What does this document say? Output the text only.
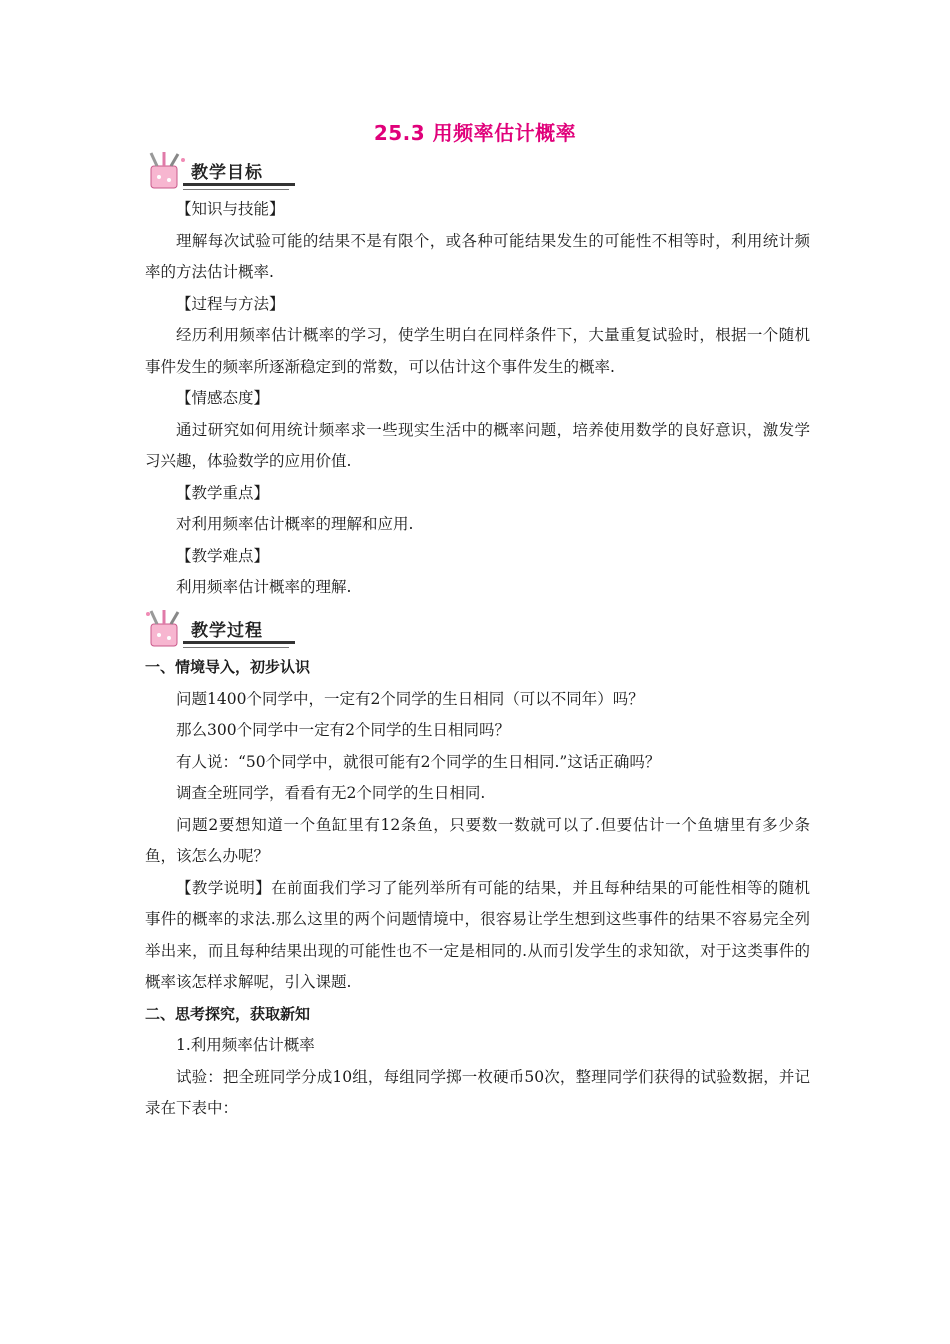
25.3 用频率估计概率
教学目标

【知识与技能】

理解每次试验可能的结果不是有限个，或各种可能结果发生的可能性不相等时，利用统计频率的方法估计概率.

【过程与方法】

经历利用频率估计概率的学习，使学生明白在同样条件下，大量重复试验时，根据一个随机事件发生的频率所逐渐稳定到的常数，可以估计这个事件发生的概率.

【情感态度】

通过研究如何用统计频率求一些现实生活中的概率问题，培养使用数学的良好意识，激发学习兴趣，体验数学的应用价值.

【教学重点】

对利用频率估计概率的理解和应用.

【教学难点】

利用频率估计概率的理解.

教学过程

一、情境导入，初步认识

问题1400个同学中，一定有2个同学的生日相同（可以不同年）吗？

那么300个同学中一定有2个同学的生日相同吗？

有人说：“50个同学中，就很可能有2个同学的生日相同.”这话正确吗？

调查全班同学，看看有无2个同学的生日相同.

问题2要想知道一个鱼缸里有12条鱼，只要数一数就可以了.但要估计一个鱼塘里有多少条鱼，该怎么办呢？

【教学说明】在前面我们学习了能列举所有可能的结果，并且每种结果的可能性相等的随机事件的概率的求法.那么这里的两个问题情境中，很容易让学生想到这些事件的结果不容易完全列举出来，而且每种结果出现的可能性也不一定是相同的.从而引发学生的求知欲，对于这类事件的概率该怎样求解呢，引入课题.

二、思考探究，获取新知

1.利用频率估计概率

试验：把全班同学分成10组，每组同学掷一枚硬币50次，整理同学们获得的试验数据，并记录在下表中：
